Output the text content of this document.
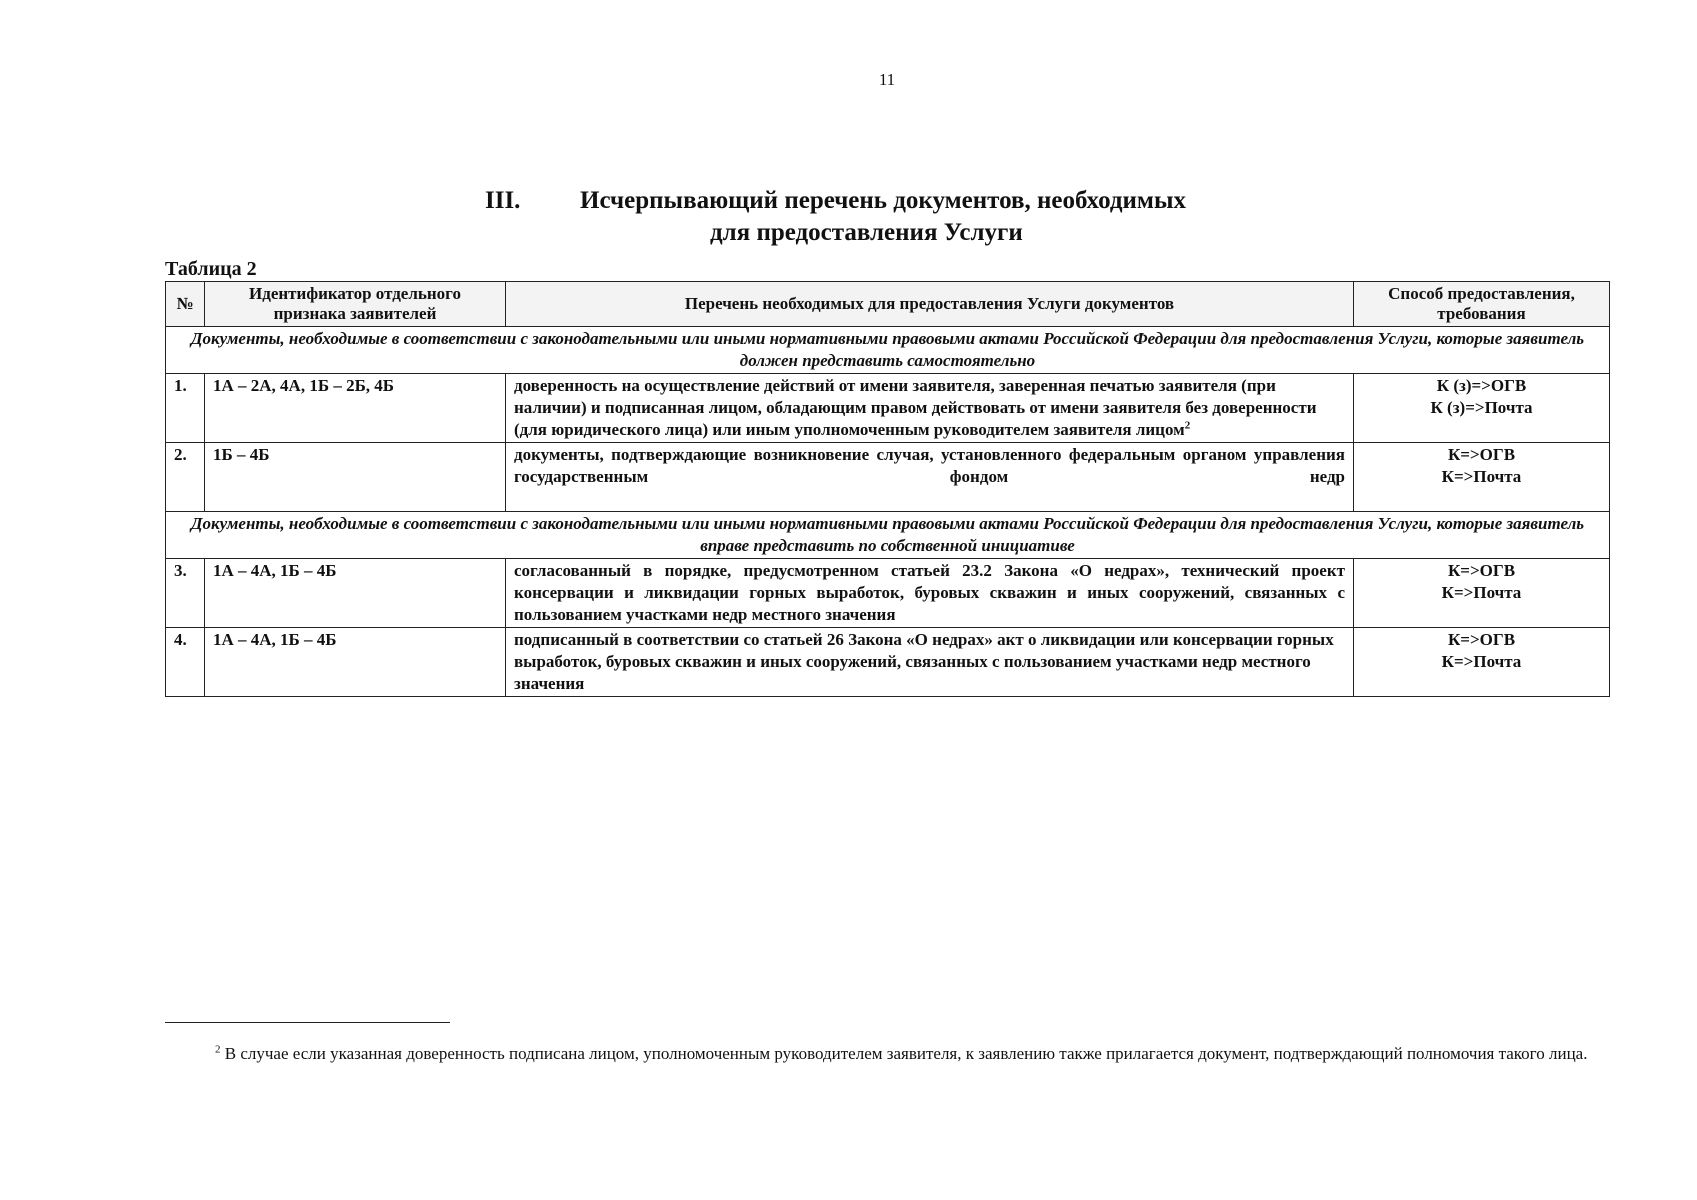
11
III. Исчерпывающий перечень документов, необходимых
для предоставления Услуги
Таблица 2
№	Идентификатор отдельного признака заявителей	Перечень необходимых для предоставления Услуги документов	Способ предоставления, требования
Документы, необходимые в соответствии с законодательными или иными нормативными правовыми актами Российской Федерации для предоставления Услуги, которые заявитель должен представить самостоятельно			
1.	1А – 2А, 4А, 1Б – 2Б, 4Б	доверенность на осуществление действий от имени заявителя, заверенная печатью заявителя (при наличии) и подписанная лицом, обладающим правом действовать от имени заявителя без доверенности (для юридического лица) или иным уполномоченным руководителем заявителя лицом$^2$	К (з)=>ОГВ
К (з)=>Почта

2.	1Б – 4Б	документы, подтверждающие возникновение случая, установленного федеральным органом управления государственным фондом недр	К=>ОГВ
К=>Почта

Документы, необходимые в соответствии с законодательными или иными нормативными правовыми актами Российской Федерации для предоставления Услуги, которые заявитель вправе представить по собственной инициативе			
3.	1А – 4А, 1Б – 4Б	согласованный в порядке, предусмотренном статьей 23.2 Закона «О недрах», технический проект консервации и ликвидации горных выработок, буровых скважин и иных сооружений, связанных с пользованием участками недр местного значения	К=>ОГВ
К=>Почта

4.	1А – 4А, 1Б – 4Б	подписанный в соответствии со статьей 26 Закона «О недрах» акт о ликвидации или консервации горных выработок, буровых скважин и иных сооружений, связанных с пользованием участками недр местного значения	К=>ОГВ
К=>Почта
$^2$ В случае если указанная доверенность подписана лицом, уполномоченным руководителем заявителя, к заявлению также прилагается документ, подтверждающий полномочия такого лица.
